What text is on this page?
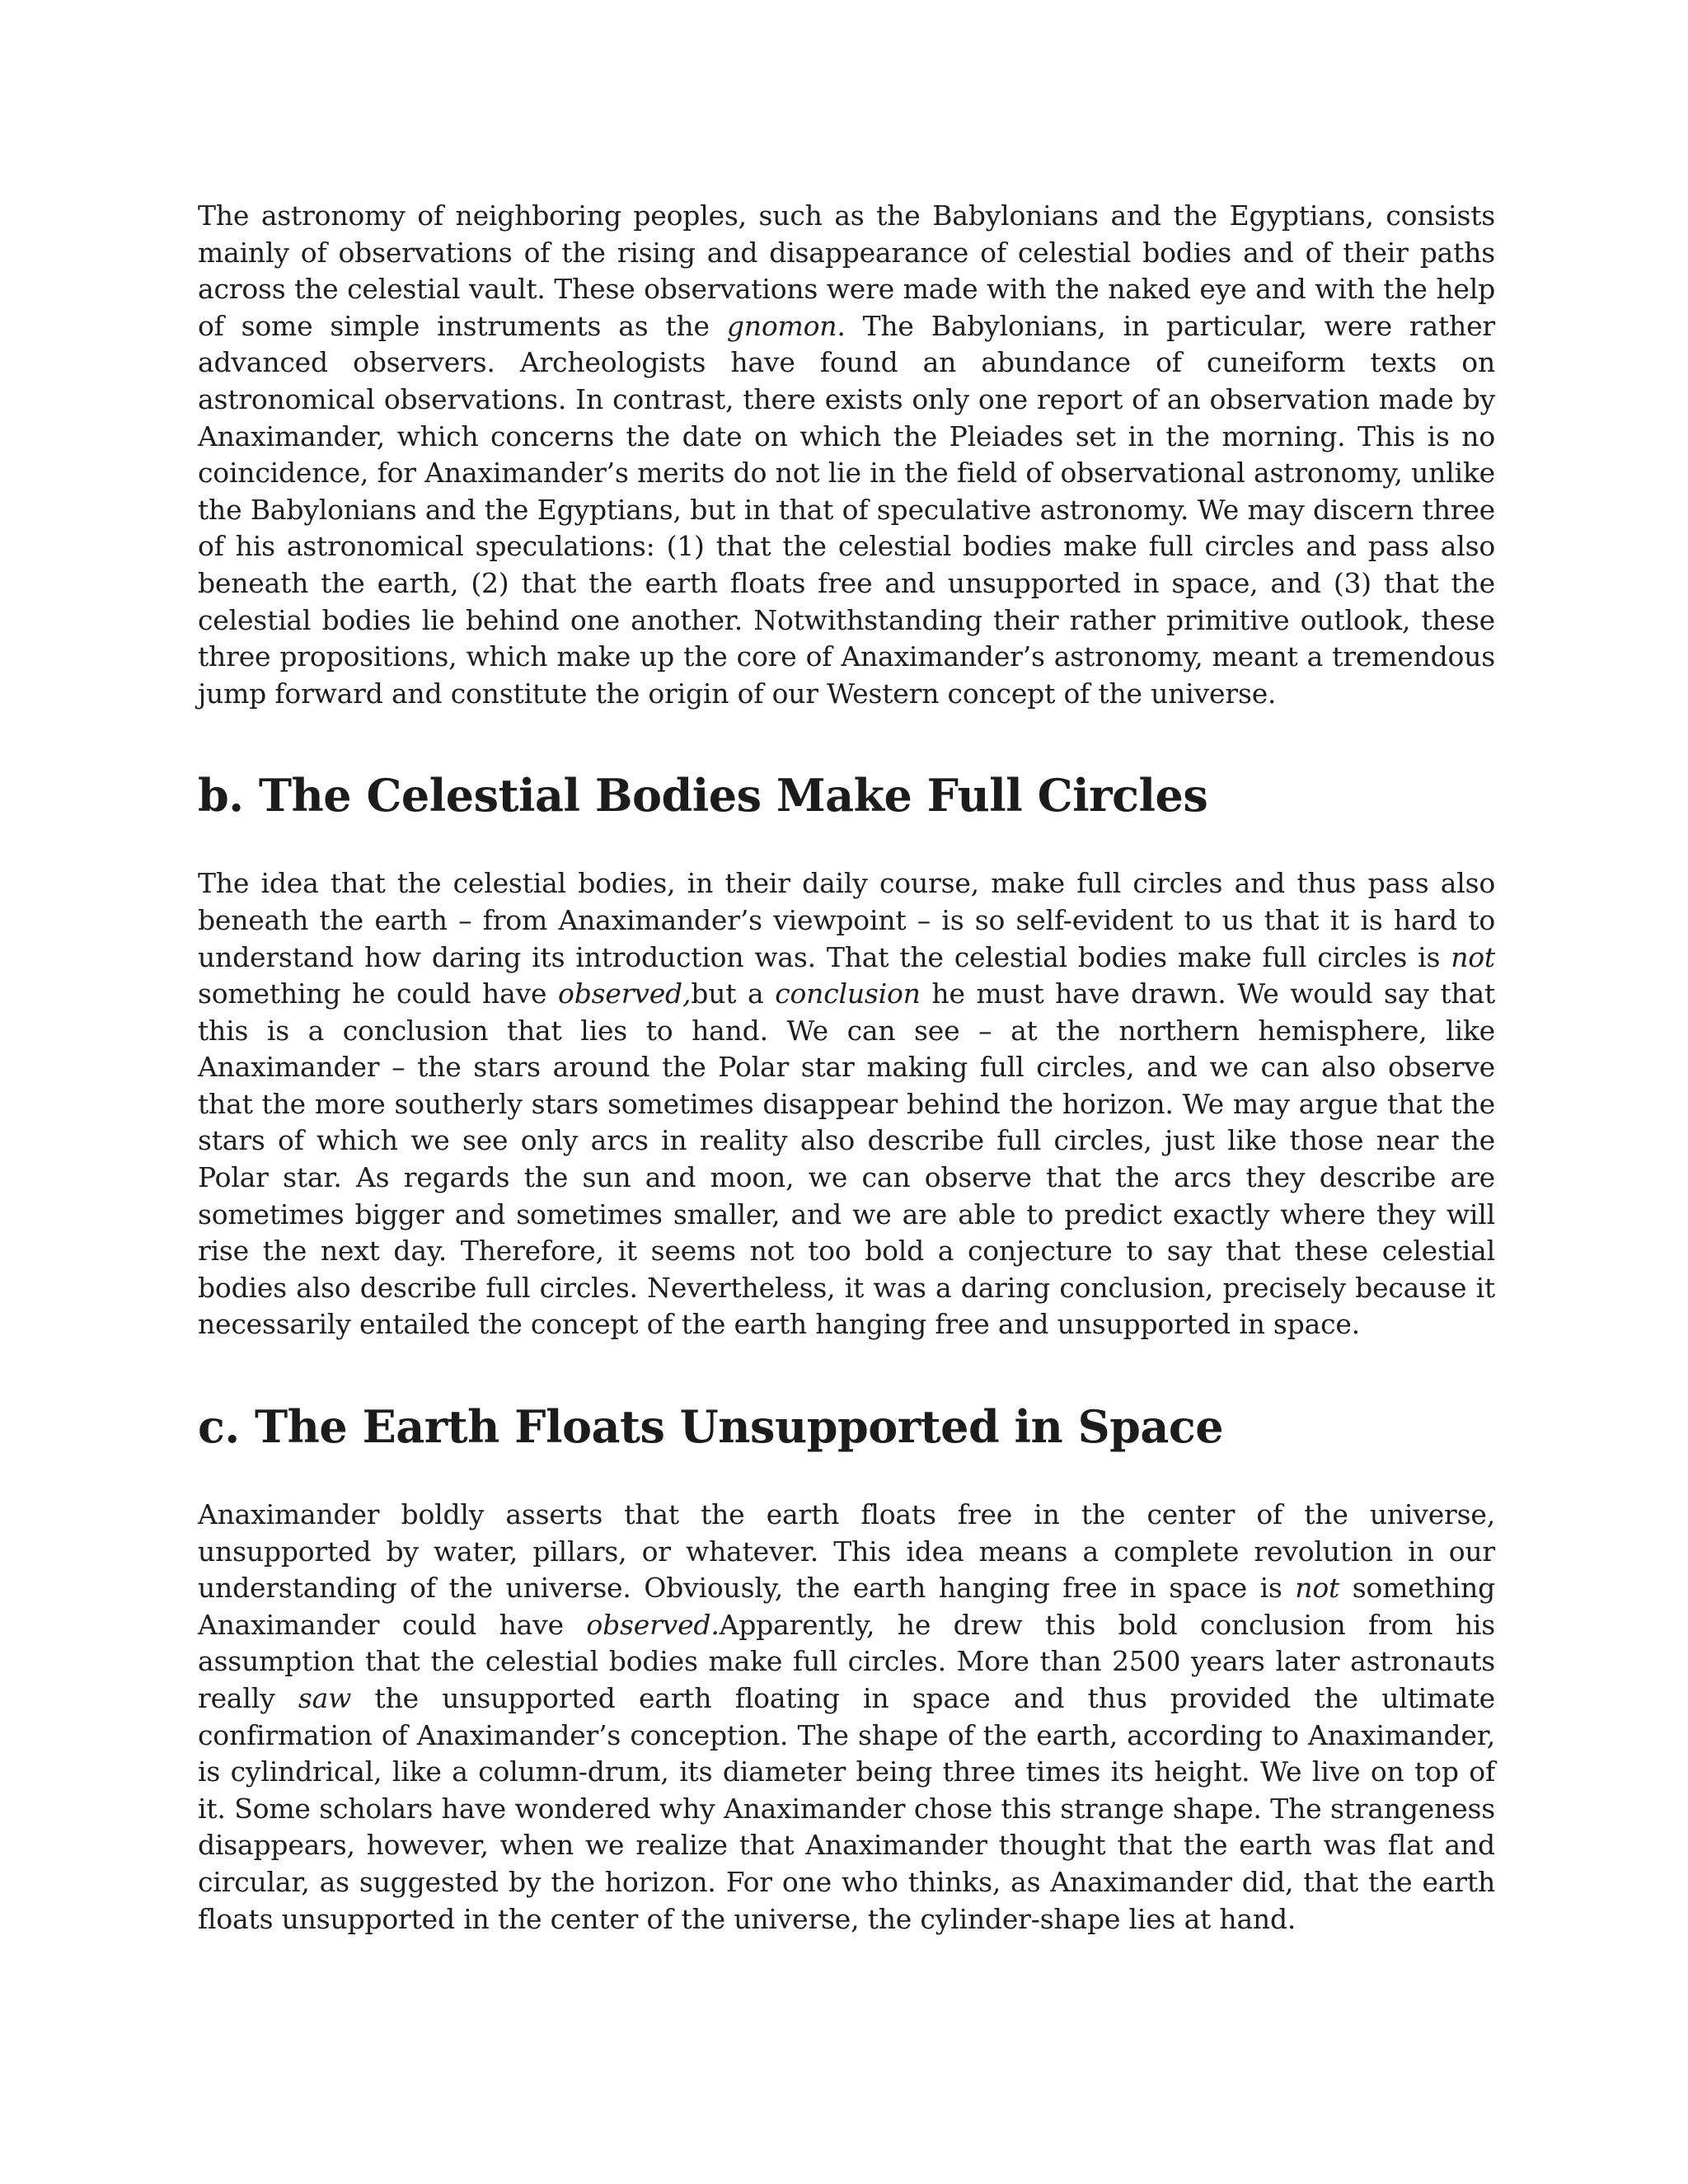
The astronomy of neighboring peoples, such as the Babylonians and the Egyptians, consists mainly of observations of the rising and disappearance of celestial bodies and of their paths across the celestial vault. These observations were made with the naked eye and with the help of some simple instruments as the gnomon. The Babylonians, in particular, were rather advanced observers. Archeologists have found an abundance of cuneiform texts on astronomical observations. In contrast, there exists only one report of an observation made by Anaximander, which concerns the date on which the Pleiades set in the morning. This is no coincidence, for Anaximander’s merits do not lie in the field of observational astronomy, unlike the Babylonians and the Egyptians, but in that of speculative astronomy. We may discern three of his astronomical speculations: (1) that the celestial bodies make full circles and pass also beneath the earth, (2) that the earth floats free and unsupported in space, and (3) that the celestial bodies lie behind one another. Notwithstanding their rather primitive outlook, these three propositions, which make up the core of Anaximander’s astronomy, meant a tremendous jump forward and constitute the origin of our Western concept of the universe.

b. The Celestial Bodies Make Full Circles

The idea that the celestial bodies, in their daily course, make full circles and thus pass also beneath the earth – from Anaximander’s viewpoint – is so self-evident to us that it is hard to understand how daring its introduction was. That the celestial bodies make full circles is not something he could have observed,but a conclusion he must have drawn. We would say that this is a conclusion that lies to hand. We can see – at the northern hemisphere, like Anaximander – the stars around the Polar star making full circles, and we can also observe that the more southerly stars sometimes disappear behind the horizon. We may argue that the stars of which we see only arcs in reality also describe full circles, just like those near the Polar star. As regards the sun and moon, we can observe that the arcs they describe are sometimes bigger and sometimes smaller, and we are able to predict exactly where they will rise the next day. Therefore, it seems not too bold a conjecture to say that these celestial bodies also describe full circles. Nevertheless, it was a daring conclusion, precisely because it necessarily entailed the concept of the earth hanging free and unsupported in space.

c. The Earth Floats Unsupported in Space

Anaximander boldly asserts that the earth floats free in the center of the universe, unsupported by water, pillars, or whatever. This idea means a complete revolution in our understanding of the universe. Obviously, the earth hanging free in space is not something Anaximander could have observed.Apparently, he drew this bold conclusion from his assumption that the celestial bodies make full circles. More than 2500 years later astronauts really saw the unsupported earth floating in space and thus provided the ultimate confirmation of Anaximander’s conception. The shape of the earth, according to Anaximander, is cylindrical, like a column-drum, its diameter being three times its height. We live on top of it. Some scholars have wondered why Anaximander chose this strange shape. The strangeness disappears, however, when we realize that Anaximander thought that the earth was flat and circular, as suggested by the horizon. For one who thinks, as Anaximander did, that the earth floats unsupported in the center of the universe, the cylinder-shape lies at hand.
